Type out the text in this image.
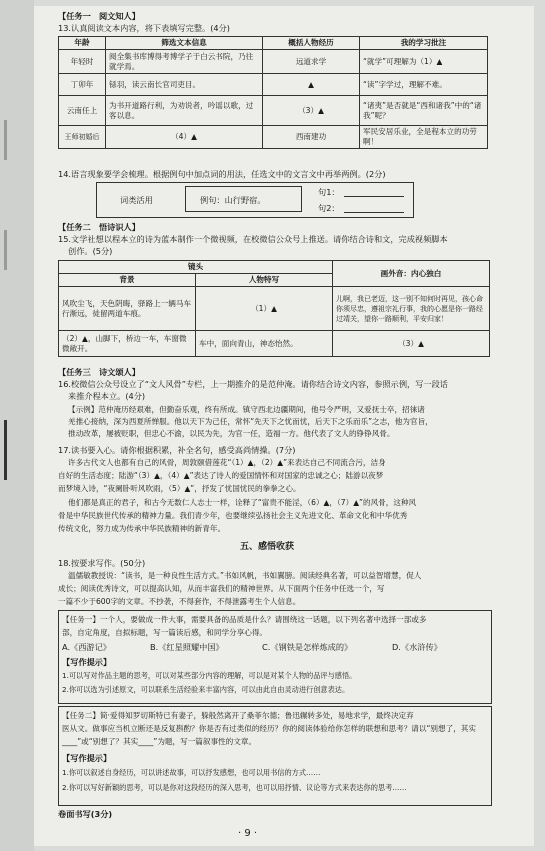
【任务一　阅文知人】
13.认真阅读文本内容，将下表填写完整。(4分)
年龄	筛选文本信息	概括人物经历	我的学习批注
年轻时	阅全集书库博得考博学子于白云书院，乃往就学焉。	远道求学	“就学”可理解为（1）▲
丁卯年	铩羽，读云南长官司吏目。	▲	“读”字学过，理解不难。
云南任上	为书开道路行利，为劝说者，吟谣以歌，过客以息。	（3）▲	“诸夷”是否就是“西和诸我”中的“诸我”呢？
王师初婚后	（4）▲	西南建功	军民安居乐业，全是程本立的功劳啊！
14.语言现象要学会梳理。根据例句中加点词的用法，任选文中的文言文中再举两例。(2分)
词类活用	例句：山行野宿。
句1：
句2：
【任务二　悟诗识人】
15.文学社想以程本立的诗为蓝本制作一个微视频，在校微信公众号上推送。请你结合诗和文，完成视频脚本
创作。(5分)
镜头		画外音：内心独白
背景	人物特写	
风吹尘飞，天色阴晦，驿路上一辆马车行渐远，徒留两道车痕。	（1）▲	儿啊，我已老迈，这一别不知何时再见，孩心命你须尽忠，遵祖宗礼行事，我的心愿是你一路经过靖关，望你一路顺利，平安归家！
（2）▲，山脚下，桥边一车，车窗微微敞开。	车中，面向青山，神态怡然。	（3）▲
【任务三　诗文颂人】
16.校微信公众号设立了“文人风骨”专栏，上一期推介的是范仲淹。请你结合诗文内容，参照示例，写一段话
来推介程本立。(4分)
【示例】范仲淹历经艰难，但勤奋乐观，终有所成。镇守西北边疆期间，他号令严明，又爱抚士卒，招徕诸
羌推心接纳，深为西夏所惮服。他以天下为己任，常怀“先天下之忧而忧，后天下之乐而乐”之志，他为官旨，
推动改革，屡被贬职，但忠心不渝，以民为先，为官一任，造福一方。他代表了文人的铮铮风骨。
17.读书要入心。请你根据积累，补全名句，感受高尚情操。(7分)
许多古代文人也都有自己的风骨，周敦颐借莲花“（1）▲，（2）▲”来表达自己不同流合污，洁身
自好的生活态度；陆游“（3）▲，（4）▲”表达了诗人的爱国情怀和对国家的忠诚之心；陆游以夜梦
而梦境入诗，“夜阑卧听风吹雨，（5）▲”，抒发了忧国忧民的拳拳之心。
他们都是真正的君子，和古今无数仁人志士一样，诠释了“富贵不能淫，（6）▲，（7）▲”的风骨，这种风
骨是中华民族世代传承的精神力量。我们青少年，也要继续弘扬社会主义先进文化、革命文化和中华优秀
传统文化，努力成为传承中华民族精神的新青年。
五、感悟收获
18.按要求写作。(50分)
温儒敏教授说：“读书，是一种良性生活方式。”书如风帆，书如翼膀。阅读经典名著，可以益智增慧，促人
成长；阅读优秀诗文，可以提高认知，从而丰富我们的精神世界。从下面两个任务中任选一个，写
一篇不少于600字的文章。不抄袭，不得套作，不得泄露考生个人信息。
【任务一】一个人，要做成一件大事，需要具备的品质是什么？请围绕这一话题，以下列名著中选择一部或多
部，自定角度，自拟标题，写一篇读后感，和同学分享心得。
A.《西游记》	B.《红星照耀中国》	C.《钢铁是怎样炼成的》	D.《水浒传》
【写作提示】
1.可以写对作品主题的思考，可以对某些部分内容的理解，可以是对某个人物的品评与感悟。
2.你可以选为引述原文，可以联系生活经验来丰富内容，可以由此自由灵动进行创意表达。
【任务二】简·爱得知罗切斯特已有妻子，躲般然离开了桑菲尔德；鲁迅辗转多处，易地求学，最终决定弃
医从文。做事应当机立断还是反复斟酌？你是否有过类似的经历？你的阅读体验给你怎样的联想和思考？请以“别想了，其实
____”或“别想了？其实____”为题，写一篇叙事性的文章。
【写作提示】
1.你可以叙述自身经历，可以讲述故事，可以抒发感想，也可以用书信的方式……
2.你可以写好新颖的思考，可以是你对这段经历的深入思考，也可以用抒情、议论等方式来表达你的思考……
卷面书写(3分)
· 9 ·
